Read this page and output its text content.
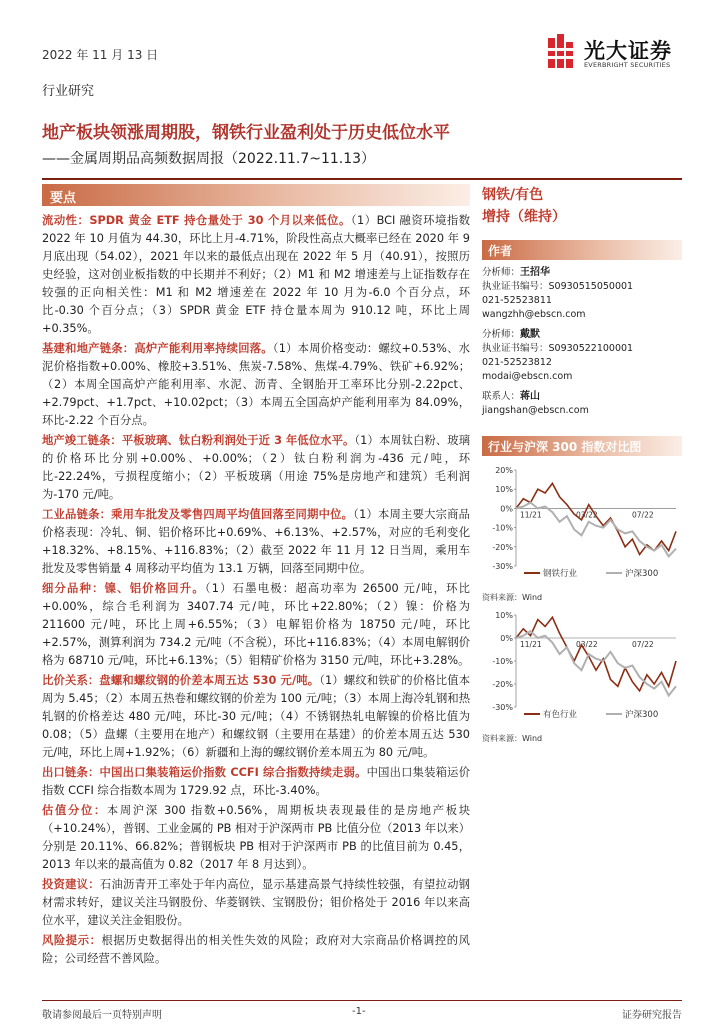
2022 年 11 月 13 日	光大证券
EVERBRIGHT SECURITIES
行业研究
地产板块领涨周期股，钢铁行业盈利处于历史低位水平
——金属周期品高频数据周报（2022.11.7~11.13）
要点

流动性：SPDR 黄金 ETF 持仓量处于 30 个月以来低位。（1）BCI 融资环境指数 2022 年 10 月值为 44.30，环比上月-4.71%，阶段性高点大概率已经在 2020 年 9 月底出现（54.02），2021 年以来的最低点出现在 2022 年 5 月（40.91），按照历史经验，这对创业板指数的中长期并不利好；（2）M1 和 M2 增速差与上证指数存在较强的正向相关性：M1 和 M2 增速差在 2022 年 10 月为-6.0 个百分点，环比-0.30 个百分点；（3）SPDR 黄金 ETF 持仓量本周为 910.12 吨，环比上周+0.35%。

基建和地产链条：高炉产能利用率持续回落。（1）本周价格变动：螺纹+0.53%、水泥价格指数+0.00%、橡胶+3.51%、焦炭-7.58%、焦煤-4.79%、铁矿+6.92%；（2）本周全国高炉产能利用率、水泥、沥青、全钢胎开工率环比分别-2.22pct、+2.79pct、+1.7pct、+10.02pct；（3）本周五全国高炉产能利用率为 84.09%，环比-2.22 个百分点。

地产竣工链条：平板玻璃、钛白粉利润处于近 3 年低位水平。（1）本周钛白粉、玻璃的价格环比分别+0.00%、+0.00%；（2）钛白粉利润为-436 元/吨，环比-22.24%，亏损程度缩小；（2）平板玻璃（用途 75%是房地产和建筑）毛利润为-170 元/吨。

工业品链条：乘用车批发及零售四周平均值回落至同期中位。（1）本周主要大宗商品价格表现：冷轧、铜、铝价格环比+0.69%、+6.13%、+2.57%，对应的毛利变化+18.32%、+8.15%、+116.83%；（2）截至 2022 年 11 月 12 日当周，乘用车批发及零售销量 4 周移动平均值为 13.1 万辆，回落至同期中位。

细分品种：镍、铝价格回升。（1）石墨电极：超高功率为 26500 元/吨，环比+0.00%，综合毛利润为 3407.74 元/吨，环比+22.80%；（2）镍：价格为 211600 元/吨，环比上周+6.55%；（3）电解铝价格为 18750 元/吨，环比+2.57%，测算利润为 734.2 元/吨（不含税），环比+116.83%；（4）本周电解钢价格为 68710 元/吨，环比+6.13%；（5）钼精矿价格为 3150 元/吨，环比+3.28%。

比价关系：盘螺和螺纹钢的价差本周五达 530 元/吨。（1）螺纹和铁矿的价格比值本周为 5.45；（2）本周五热卷和螺纹钢的价差为 100 元/吨；（3）本周上海冷轧钢和热轧钢的价格差达 480 元/吨，环比-30 元/吨；（4）不锈钢热轧电解镍的价格比值为 0.08；（5）盘螺（主要用在地产）和螺纹钢（主要用在基建）的价差本周五达 530 元/吨，环比上周+1.92%；（6）新疆和上海的螺纹钢价差本周五为 80 元/吨。

出口链条：中国出口集装箱运价指数 CCFI 综合指数持续走弱。中国出口集装箱运价指数 CCFI 综合指数本周为 1729.92 点，环比-3.40%。

估值分位：本周沪深 300 指数+0.56%，周期板块表现最佳的是房地产板块（+10.24%），普钢、工业金属的 PB 相对于沪深两市 PB 比值分位（2013 年以来）分别是 20.11%、66.82%；普钢板块 PB 相对于沪深两市 PB 的比值目前为 0.45，2013 年以来的最高值为 0.82（2017 年 8 月达到）。

投资建议：石油沥青开工率处于年内高位，显示基建高景气持续性较强，有望拉动钢材需求转好，建议关注马钢股份、华菱钢铁、宝钢股份；钼价格处于 2016 年以来高位水平，建议关注金钼股份。

风险提示：根据历史数据得出的相关性失效的风险；政府对大宗商品价格调控的风险；公司经营不善风险。

钢铁/有色
增持（维持）
作者
分析师：王招华
执业证书编号：S0930515050001
021-52523811
wangzhh@ebscn.com
分析师：戴默
执业证书编号：S0930522100001
021-52523812
modai@ebscn.com
联系人：蒋山
jiangshan@ebscn.com
行业与沪深 300 指数对比图
20%
10%
0%
-10%
-20%
-30%
11/21	03/22	07/22
钢铁行业	沪深300
资料来源：Wind
10%
0%
-10%
-20%
-30%
11/21	03/22	07/22
有色行业	沪深300
资料来源：Wind
敬请参阅最后一页特别声明	-1-	证券研究报告
